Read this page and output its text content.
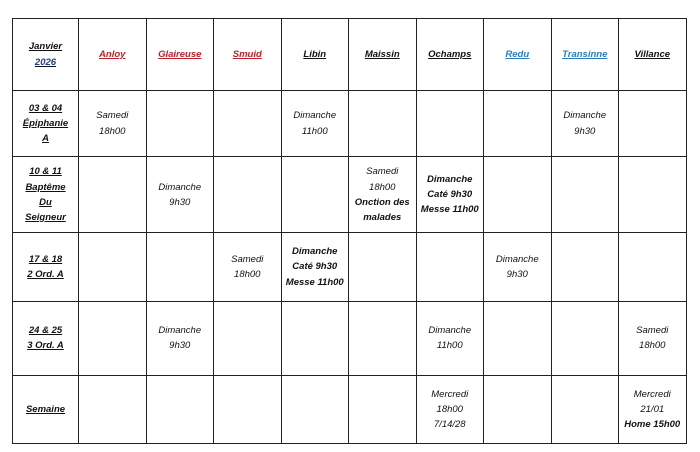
Janvier
2026	Anloy	Glaireuse	Smuid	Libin	Maissin	Ochamps	Redu	Transinne	Villance

03 & 04
Épiphanie
A	Samedi
18h00			Dimanche
11h00				Dimanche
9h30	

10 & 11
Baptême
Du
Seigneur		Dimanche
9h30			Samedi
18h00
Onction des
malades	Dimanche
Caté 9h30
Messe 11h00			

17 & 18
2 Ord. A			Samedi
18h00	Dimanche
Caté 9h30
Messe 11h00			Dimanche
9h30		

24 & 25
3 Ord. A		Dimanche
9h30				Dimanche
11h00			Samedi
18h00

Semaine						Mercredi
18h00
7/14/28			Mercredi
21/01
Home 15h00
